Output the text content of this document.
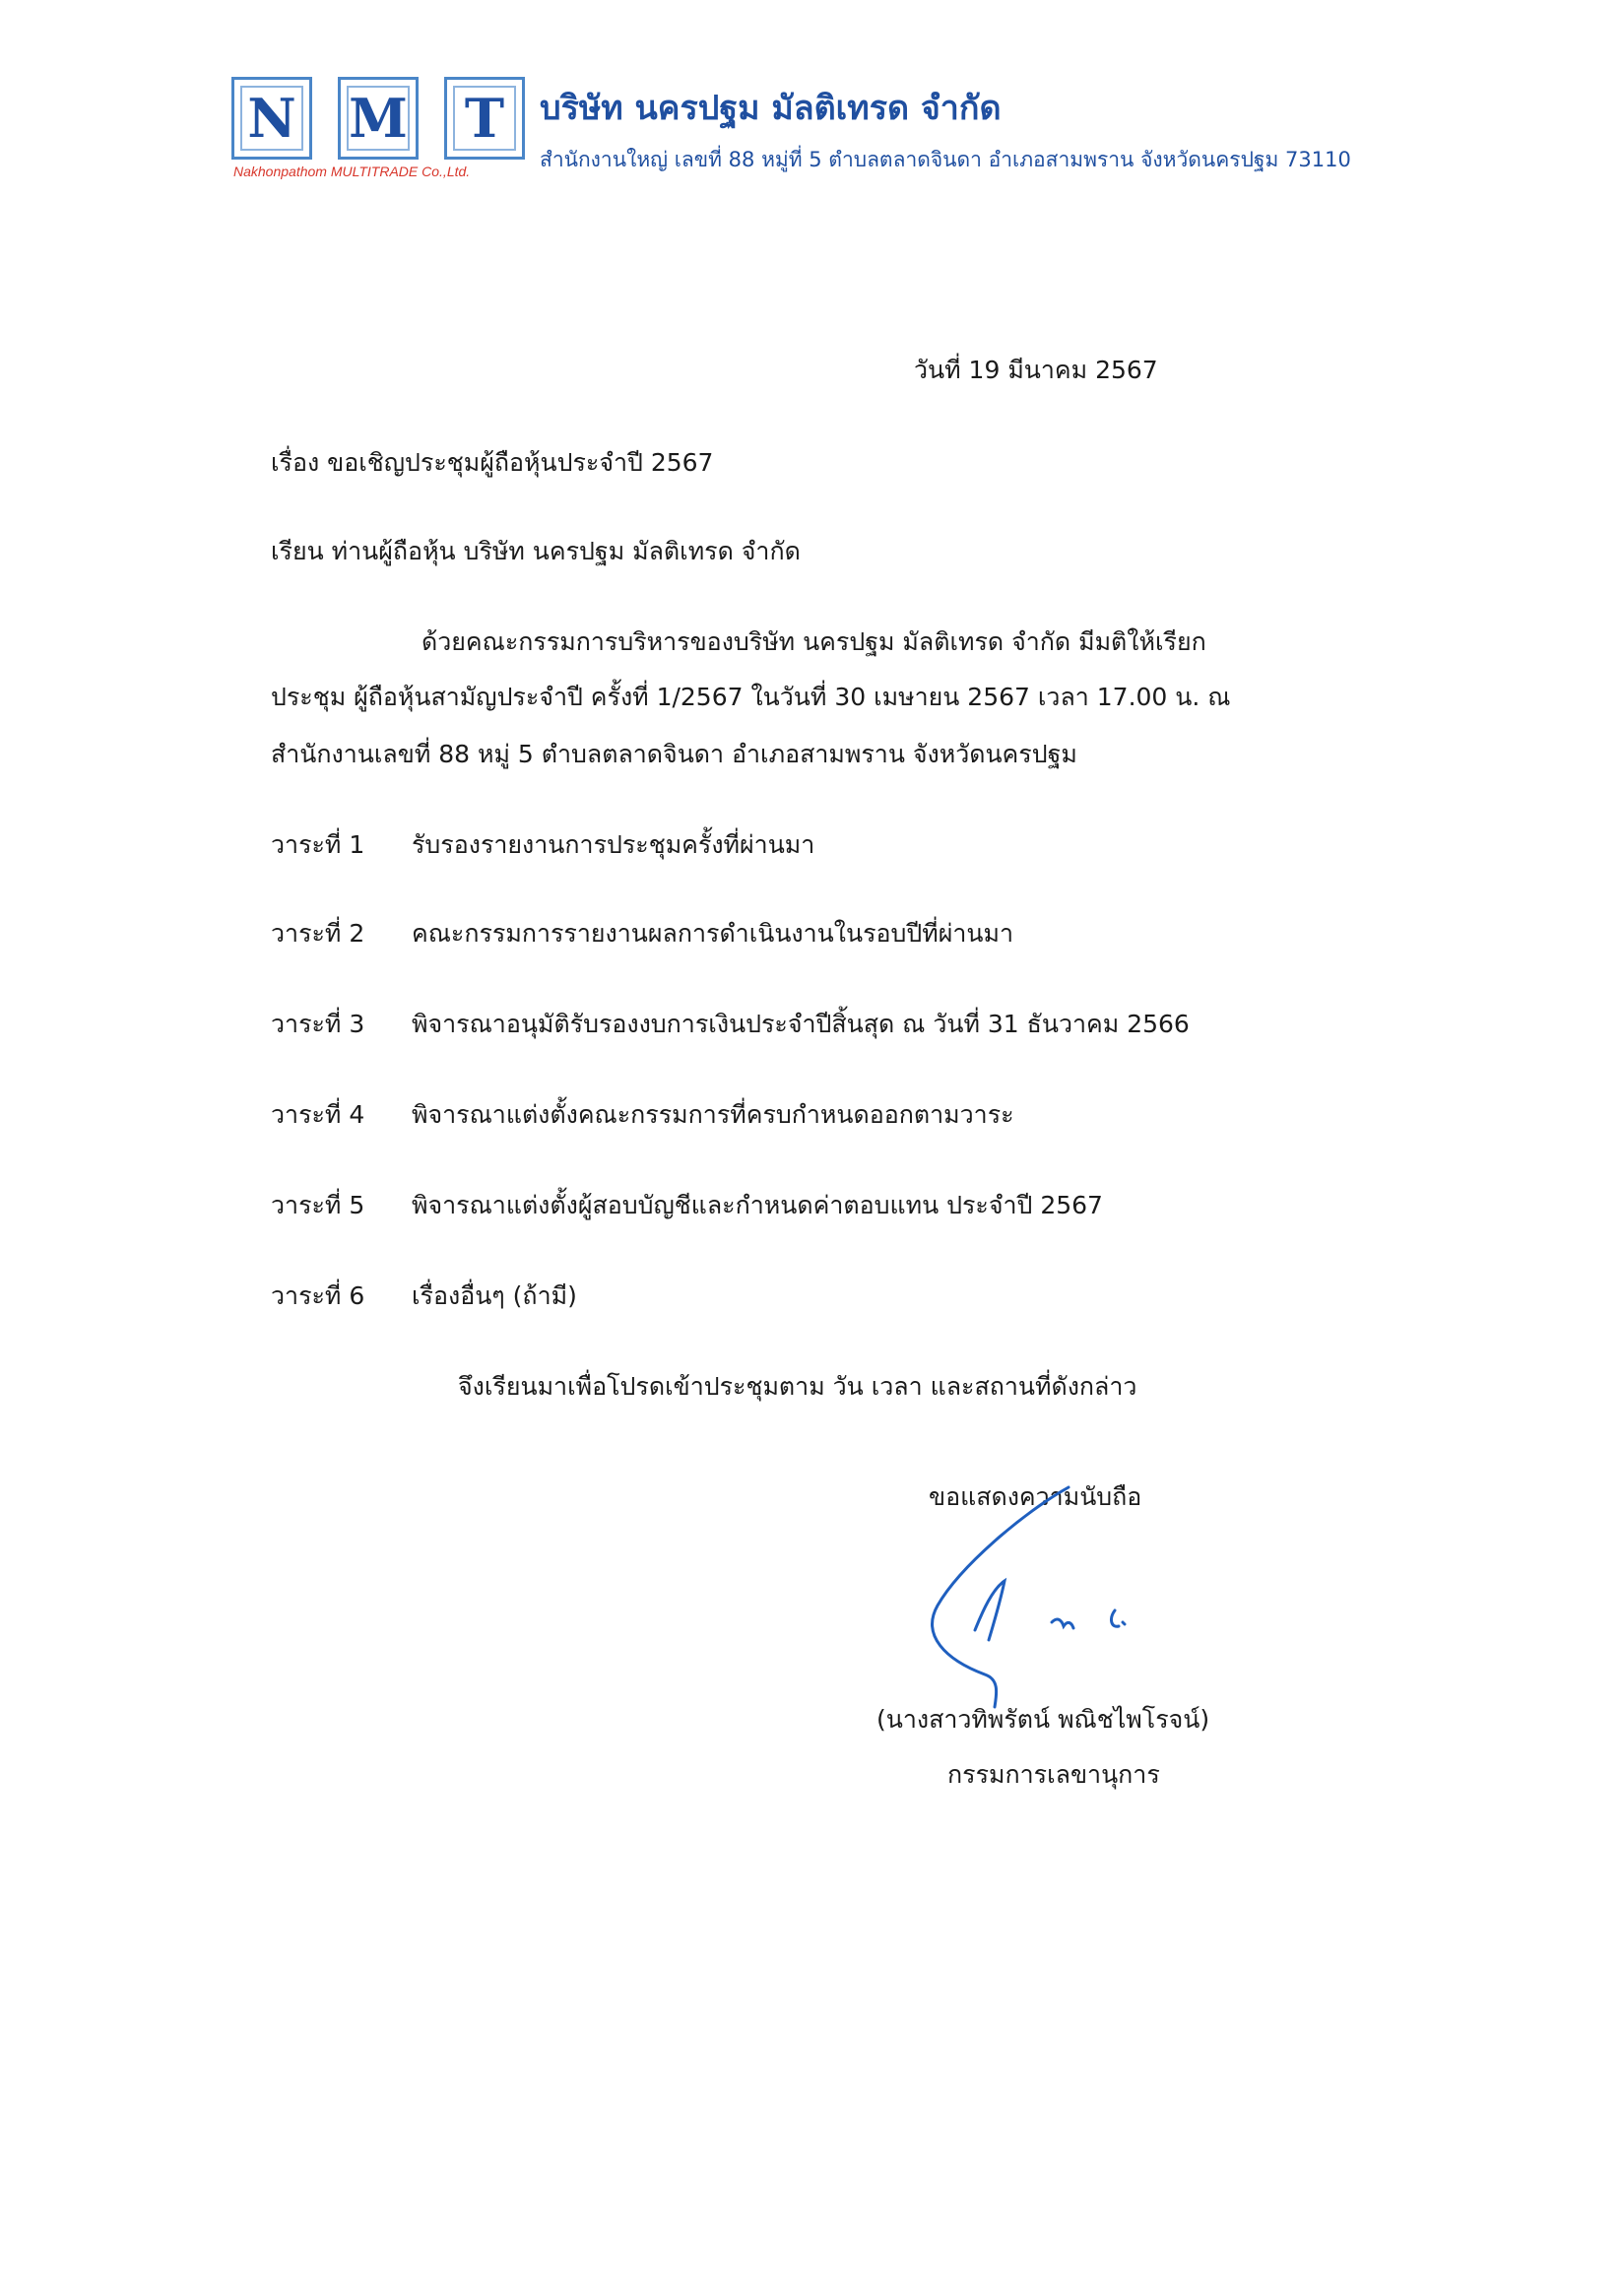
N M T
Nakhonpathom MULTITRADE Co.,Ltd.
บริษัท นครปฐม มัลติเทรด จำกัด
สำนักงานใหญ่ เลขที่ 88 หมู่ที่ 5 ตำบลตลาดจินดา อำเภอสามพราน จังหวัดนครปฐม 73110
วันที่ 19 มีนาคม 2567
เรื่อง ขอเชิญประชุมผู้ถือหุ้นประจำปี 2567
เรียน ท่านผู้ถือหุ้น บริษัท นครปฐม มัลติเทรด จำกัด
ด้วยคณะกรรมการบริหารของบริษัท นครปฐม มัลติเทรด จำกัด มีมติให้เรียก
ประชุม ผู้ถือหุ้นสามัญประจำปี ครั้งที่ 1/2567 ในวันที่ 30 เมษายน 2567 เวลา 17.00 น. ณ
สำนักงานเลขที่ 88 หมู่ 5 ตำบลตลาดจินดา อำเภอสามพราน จังหวัดนครปฐม
วาระที่ 1 รับรองรายงานการประชุมครั้งที่ผ่านมา
วาระที่ 2 คณะกรรมการรายงานผลการดำเนินงานในรอบปีที่ผ่านมา
วาระที่ 3 พิจารณาอนุมัติรับรองงบการเงินประจำปีสิ้นสุด ณ วันที่ 31 ธันวาคม 2566
วาระที่ 4 พิจารณาแต่งตั้งคณะกรรมการที่ครบกำหนดออกตามวาระ
วาระที่ 5 พิจารณาแต่งตั้งผู้สอบบัญชีและกำหนดค่าตอบแทน ประจำปี 2567
วาระที่ 6 เรื่องอื่นๆ (ถ้ามี)
จึงเรียนมาเพื่อโปรดเข้าประชุมตาม วัน เวลา และสถานที่ดังกล่าว
ขอแสดงความนับถือ
(นางสาวทิพรัตน์ พณิชไพโรจน์)
กรรมการเลขานุการ
